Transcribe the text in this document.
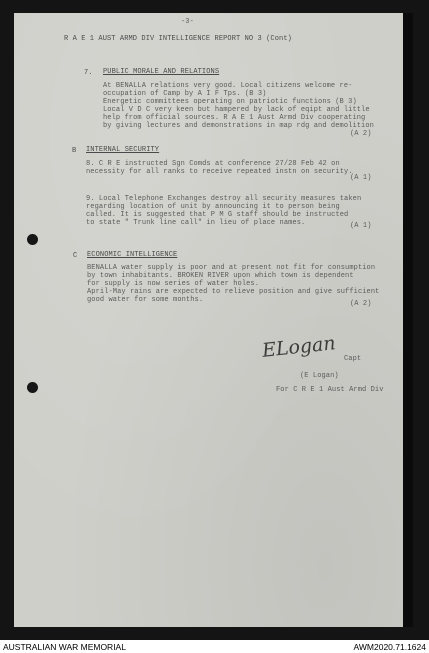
-3-
R A E 1 AUST ARMD DIV INTELLIGENCE REPORT NO 3 (Cont)
7. PUBLIC MORALE AND RELATIONS
At BENALLA relations very good. Local citizens welcome re-
occupation of Camp by A I F Tps. (B 3)
Energetic committees operating on patriotic functions (B 3)
Local V D C very keen but hampered by lack of eqipt and little
help from official sources. R A E 1 Aust Armd Div cooperating
by giving lectures and demonstrations in map rdg and demolition
(A 2)
B INTERNAL SECURITY
8. C R E instructed Sgn Comds at conference 27/28 Feb 42 on
necessity for all ranks to receive repeated instn on security.
(A 1)
9. Local Telephone Exchanges destroy all security measures taken
regarding location of unit by announcing it to person being
called. It is suggested that P M G staff should be instructed
to state " Trunk line call" in lieu of place names.	(A 1)
C ECONOMIC INTELLIGENCE
BENALLA water supply is poor and at present not fit for consumption
by town inhabitants. BROKEN RIVER upon which town is dependent
for supply is now series of water holes.
April-May rains are expected to relieve position and give sufficient
good water for some months.	(A 2)
ELogan Capt
(E Logan)
For C R E 1 Aust Armd Div
AUSTRALIAN WAR MEMORIAL	AWM2020.71.1624
